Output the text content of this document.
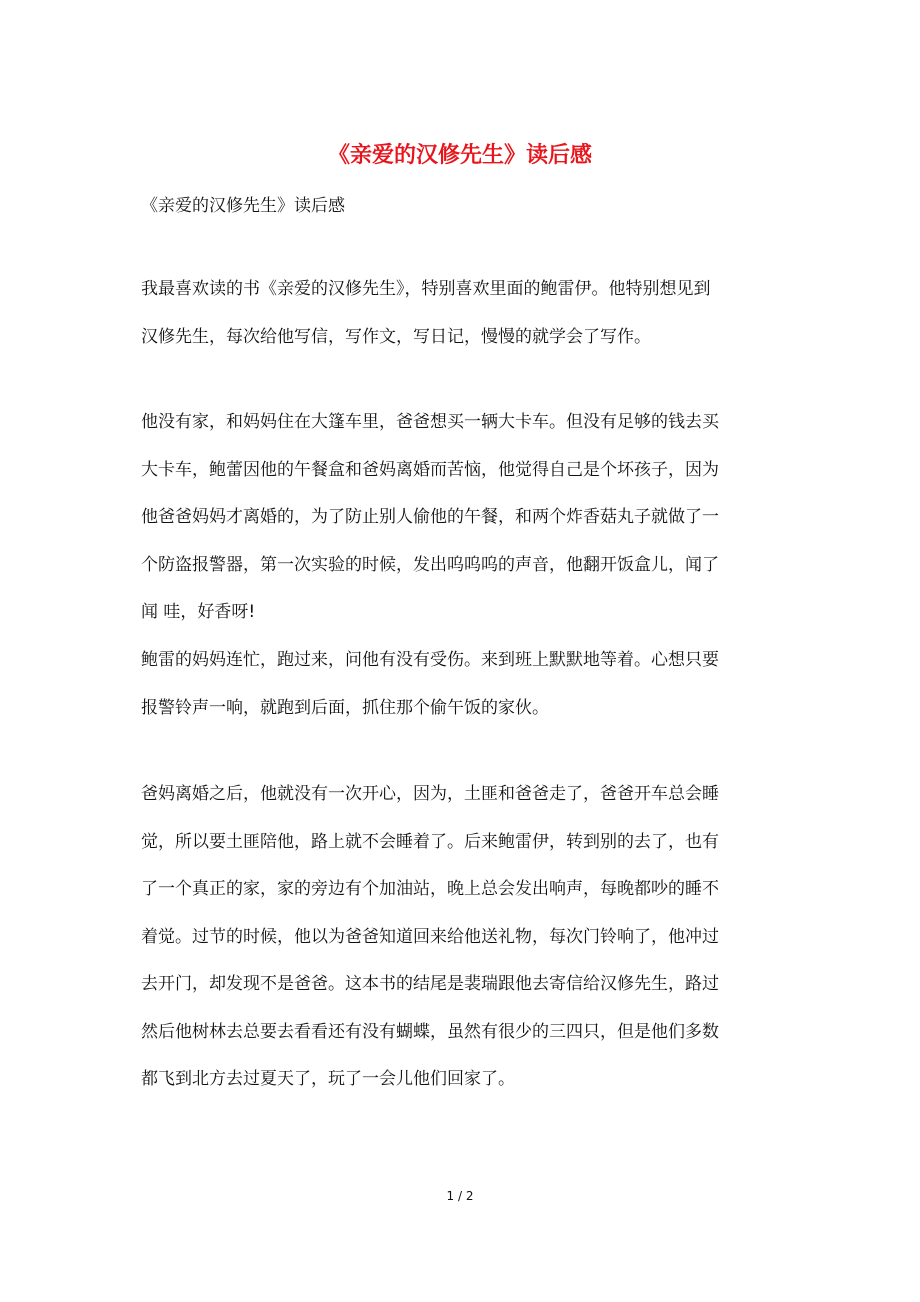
《亲爱的汉修先生》读后感

《亲爱的汉修先生》读后感

我最喜欢读的书《亲爱的汉修先生》，特别喜欢里面的鲍雷伊。他特别想见到
汉修先生，每次给他写信，写作文，写日记，慢慢的就学会了写作。

他没有家，和妈妈住在大篷车里，爸爸想买一辆大卡车。但没有足够的钱去买
大卡车，鲍蕾因他的午餐盒和爸妈离婚而苦恼，他觉得自己是个坏孩子，因为
他爸爸妈妈才离婚的，为了防止别人偷他的午餐，和两个炸香菇丸子就做了一
个防盗报警器，第一次实验的时候，发出呜呜呜的声音，他翻开饭盒儿，闻了
闻 哇，好香呀!

鲍雷的妈妈连忙，跑过来，问他有没有受伤。来到班上默默地等着。心想只要
报警铃声一响，就跑到后面，抓住那个偷午饭的家伙。

爸妈离婚之后，他就没有一次开心，因为，土匪和爸爸走了，爸爸开车总会睡
觉，所以要土匪陪他，路上就不会睡着了。后来鲍雷伊，转到别的去了，也有
了一个真正的家，家的旁边有个加油站，晚上总会发出响声，每晚都吵的睡不
着觉。过节的时候，他以为爸爸知道回来给他送礼物，每次门铃响了，他冲过
去开门，却发现不是爸爸。这本书的结尾是裴瑞跟他去寄信给汉修先生，路过
然后他树林去总要去看看还有没有蝴蝶，虽然有很少的三四只，但是他们多数
都飞到北方去过夏天了，玩了一会儿他们回家了。

1 / 2
